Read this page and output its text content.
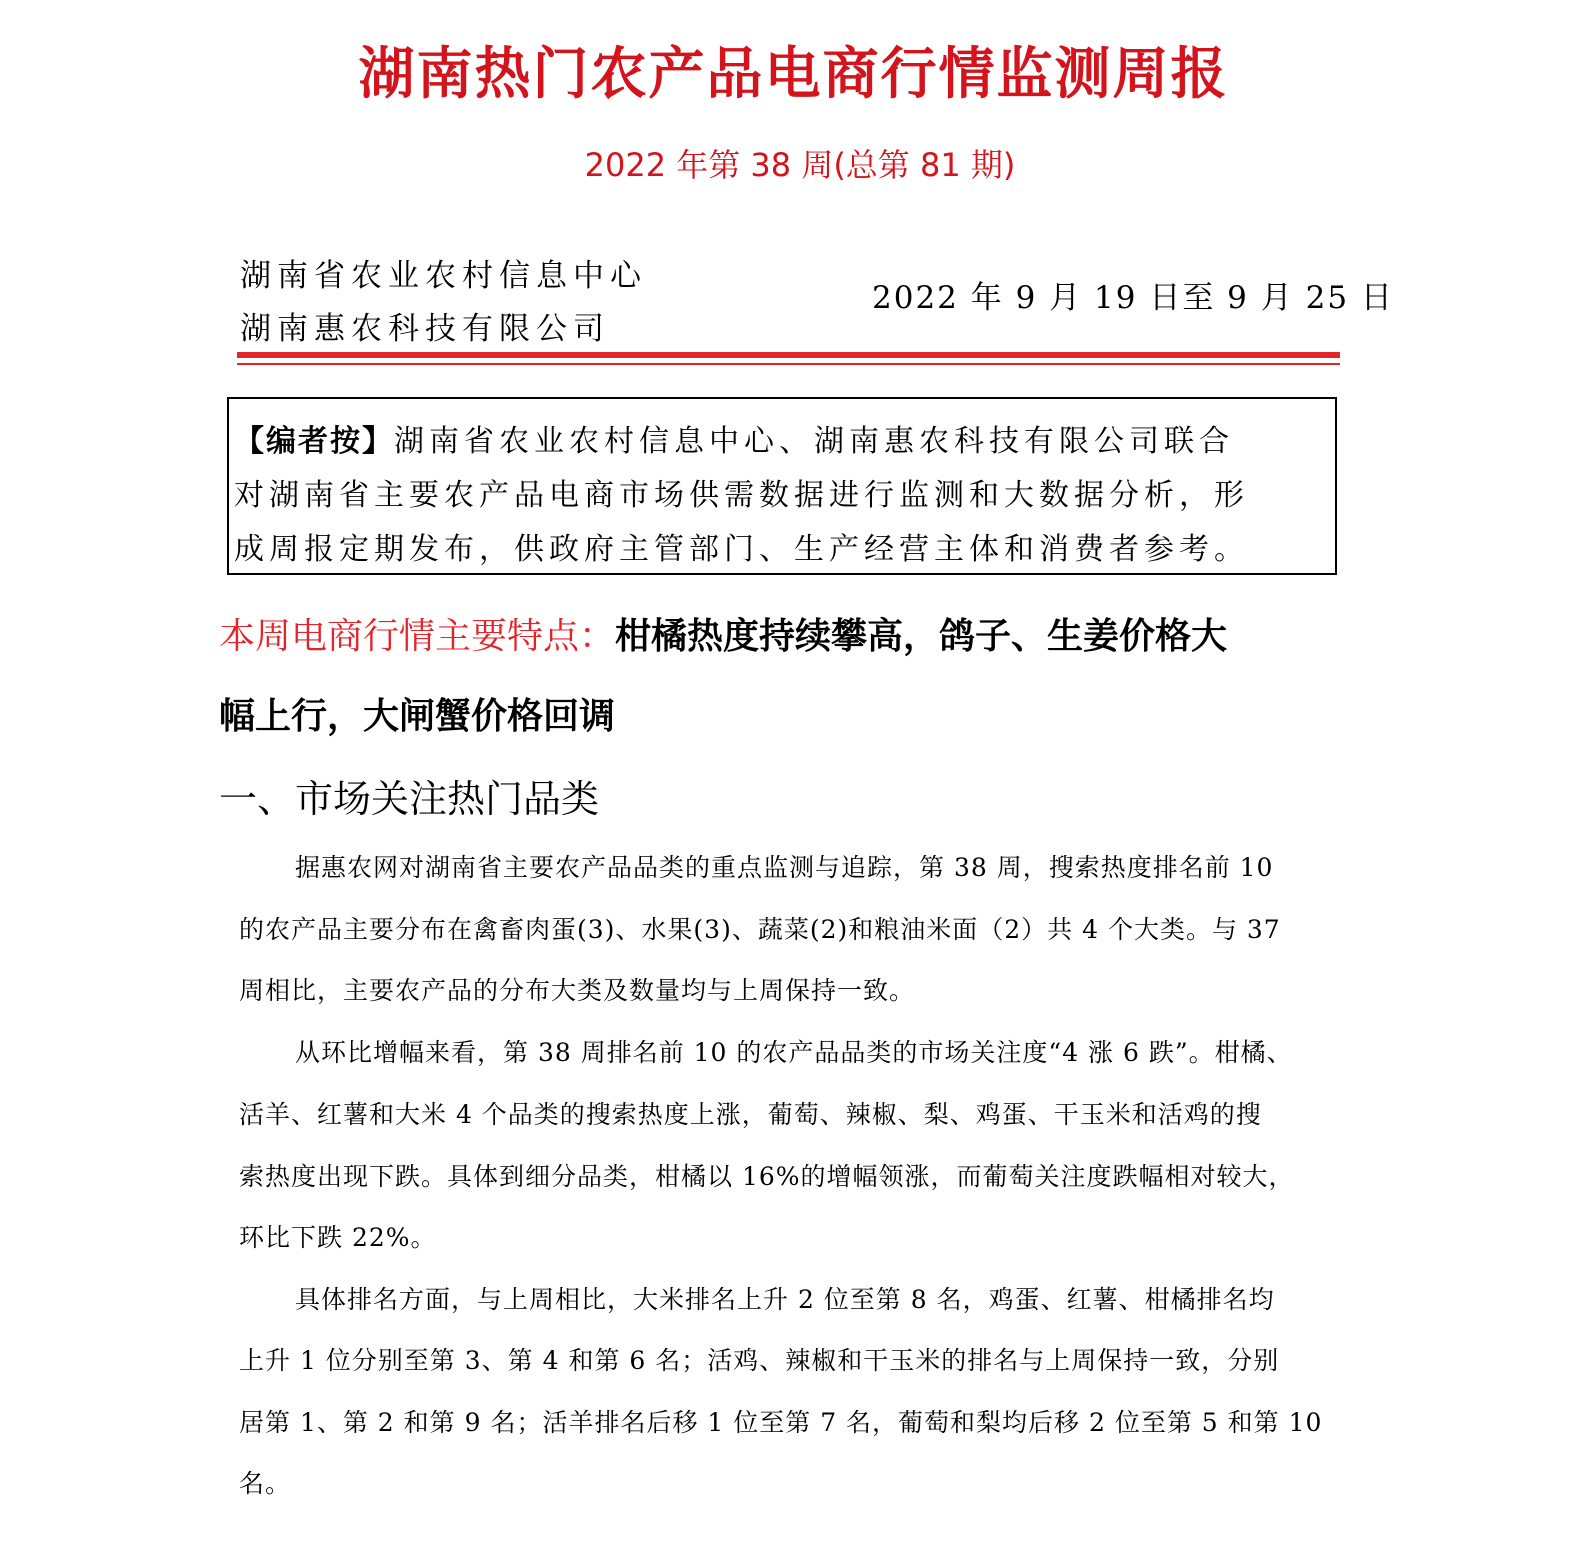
湖南热门农产品电商行情监测周报
2022 年第 38 周(总第 81 期)
湖南省农业农村信息中心
湖南惠农科技有限公司
2022 年 9 月 19 日至 9 月 25 日
【编者按】湖南省农业农村信息中心、湖南惠农科技有限公司联合
对湖南省主要农产品电商市场供需数据进行监测和大数据分析，形
成周报定期发布，供政府主管部门、生产经营主体和消费者参考。
本周电商行情主要特点：柑橘热度持续攀高，鸽子、生姜价格大
幅上行，大闸蟹价格回调
一、市场关注热门品类
据惠农网对湖南省主要农产品品类的重点监测与追踪，第 38 周，搜索热度排名前 10
的农产品主要分布在禽畜肉蛋(3)、水果(3)、蔬菜(2)和粮油米面（2）共 4 个大类。与 37
周相比，主要农产品的分布大类及数量均与上周保持一致。
从环比增幅来看，第 38 周排名前 10 的农产品品类的市场关注度“4 涨 6 跌”。柑橘、
活羊、红薯和大米 4 个品类的搜索热度上涨，葡萄、辣椒、梨、鸡蛋、干玉米和活鸡的搜
索热度出现下跌。具体到细分品类，柑橘以 16%的增幅领涨，而葡萄关注度跌幅相对较大，
环比下跌 22%。
具体排名方面，与上周相比，大米排名上升 2 位至第 8 名，鸡蛋、红薯、柑橘排名均
上升 1 位分别至第 3、第 4 和第 6 名；活鸡、辣椒和干玉米的排名与上周保持一致，分别
居第 1、第 2 和第 9 名；活羊排名后移 1 位至第 7 名，葡萄和梨均后移 2 位至第 5 和第 10
名。
